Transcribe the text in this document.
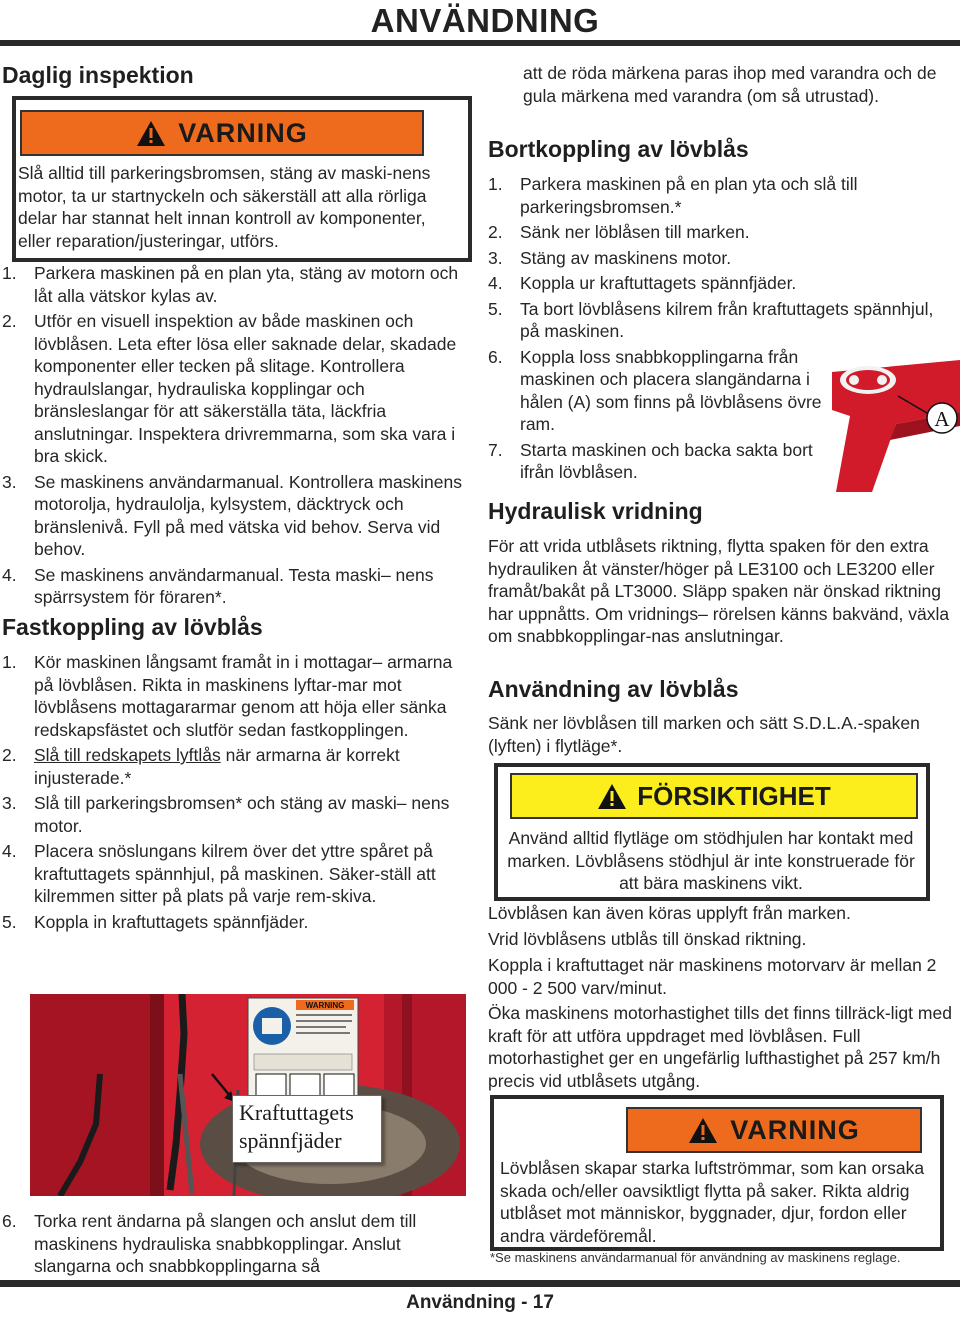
ANVÄNDNING
Daglig inspektion
VARNING
Slå alltid till parkeringsbromsen, stäng av maski-nens motor, ta ur startnyckeln och säkerställ att alla rörliga delar har stannat helt innan kontroll av komponenter, eller reparation/justeringar, utförs.
1. Parkera maskinen på en plan yta, stäng av motorn och låt alla vätskor kylas av.
2. Utför en visuell inspektion av både maskinen och lövblåsen. Leta efter lösa eller saknade delar, skadade komponenter eller tecken på slitage. Kontrollera hydraulslangar, hydrauliska kopplingar och bränsleslangar för att säkerställa täta, läckfria anslutningar. Inspektera drivremmarna, som ska vara i bra skick.
3. Se maskinens användarmanual. Kontrollera maskinens motorolja, hydraulolja, kylsystem, däcktryck och bränslenivå. Fyll på med vätska vid behov. Serva vid behov.
4. Se maskinens användarmanual. Testa maski– nens spärrsystem för föraren*.
Fastkoppling av lövblås
1. Kör maskinen långsamt framåt in i mottagar– armarna på lövblåsen. Rikta in maskinens lyftar-mar mot lövblåsens mottagararmar genom att höja eller sänka redskapsfästet och slutför sedan fastkopplingen.
2. Slå till redskapets lyftlås när armarna är korrekt injusterade.*
3. Slå till parkeringsbromsen* och stäng av maski– nens motor.
4. Placera snöslungans kilrem över det yttre spåret på kraftuttagets spännhjul, på maskinen. Säker-ställ att kilremmen sitter på plats på varje rem-skiva.
5. Koppla in kraftuttagets spännfjäder.
WARNING
Kraftuttagets
spännfjäder
6. Torka rent ändarna på slangen och anslut dem till maskinens hydrauliska snabbkopplingar. Anslut slangarna och snabbkopplingarna så
att de röda märkena paras ihop med varandra och de gula märkena med varandra (om så utrustad).
Bortkoppling av lövblås
1. Parkera maskinen på en plan yta och slå till parkeringsbromsen.*
2. Sänk ner löblåsen till marken.
3. Stäng av maskinens motor.
4. Koppla ur kraftuttagets spännfjäder.
5. Ta bort lövblåsens kilrem från kraftuttagets spännhjul, på maskinen.
6. Koppla loss snabbkopplingarna från maskinen och placera slangändarna i hålen (A) som finns på lövblåsens övre ram.
7. Starta maskinen och backa sakta bort ifrån lövblåsen.
A
Hydraulisk vridning
För att vrida utblåsets riktning, flytta spaken för den extra hydrauliken åt vänster/höger på LE3100 och LE3200 eller framåt/bakåt på LT3000. Släpp spaken när önskad riktning har uppnåtts. Om vridnings– rörelsen känns bakvänd, växla om snabbkopplingar-nas anslutningar.
Användning av lövblås
Sänk ner lövblåsen till marken och sätt S.D.L.A.-spaken (lyften) i flytläge*.
FÖRSIKTIGHET
Använd alltid flytläge om stödhjulen har kontakt med marken. Lövblåsens stödhjul är inte konstruerade för att bära maskinens vikt.
Lövblåsen kan även köras upplyft från marken.
Vrid lövblåsens utblås till önskad riktning.
Koppla i kraftuttaget när maskinens motorvarv är mellan 2 000 - 2 500 varv/minut.
Öka maskinens motorhastighet tills det finns tillräck-ligt med kraft för att utföra uppdraget med lövblåsen. Full motorhastighet ger en ungefärlig lufthastighet på 257 km/h precis vid utblåsets utgång.
VARNING
Lövblåsen skapar starka luftströmmar, som kan orsaka skada och/eller oavsiktligt flytta på saker. Rikta aldrig utblåset mot människor, byggnader, djur, fordon eller andra värdeföremål.
*Se maskinens användarmanual för användning av maskinens reglage.
Användning - 17
